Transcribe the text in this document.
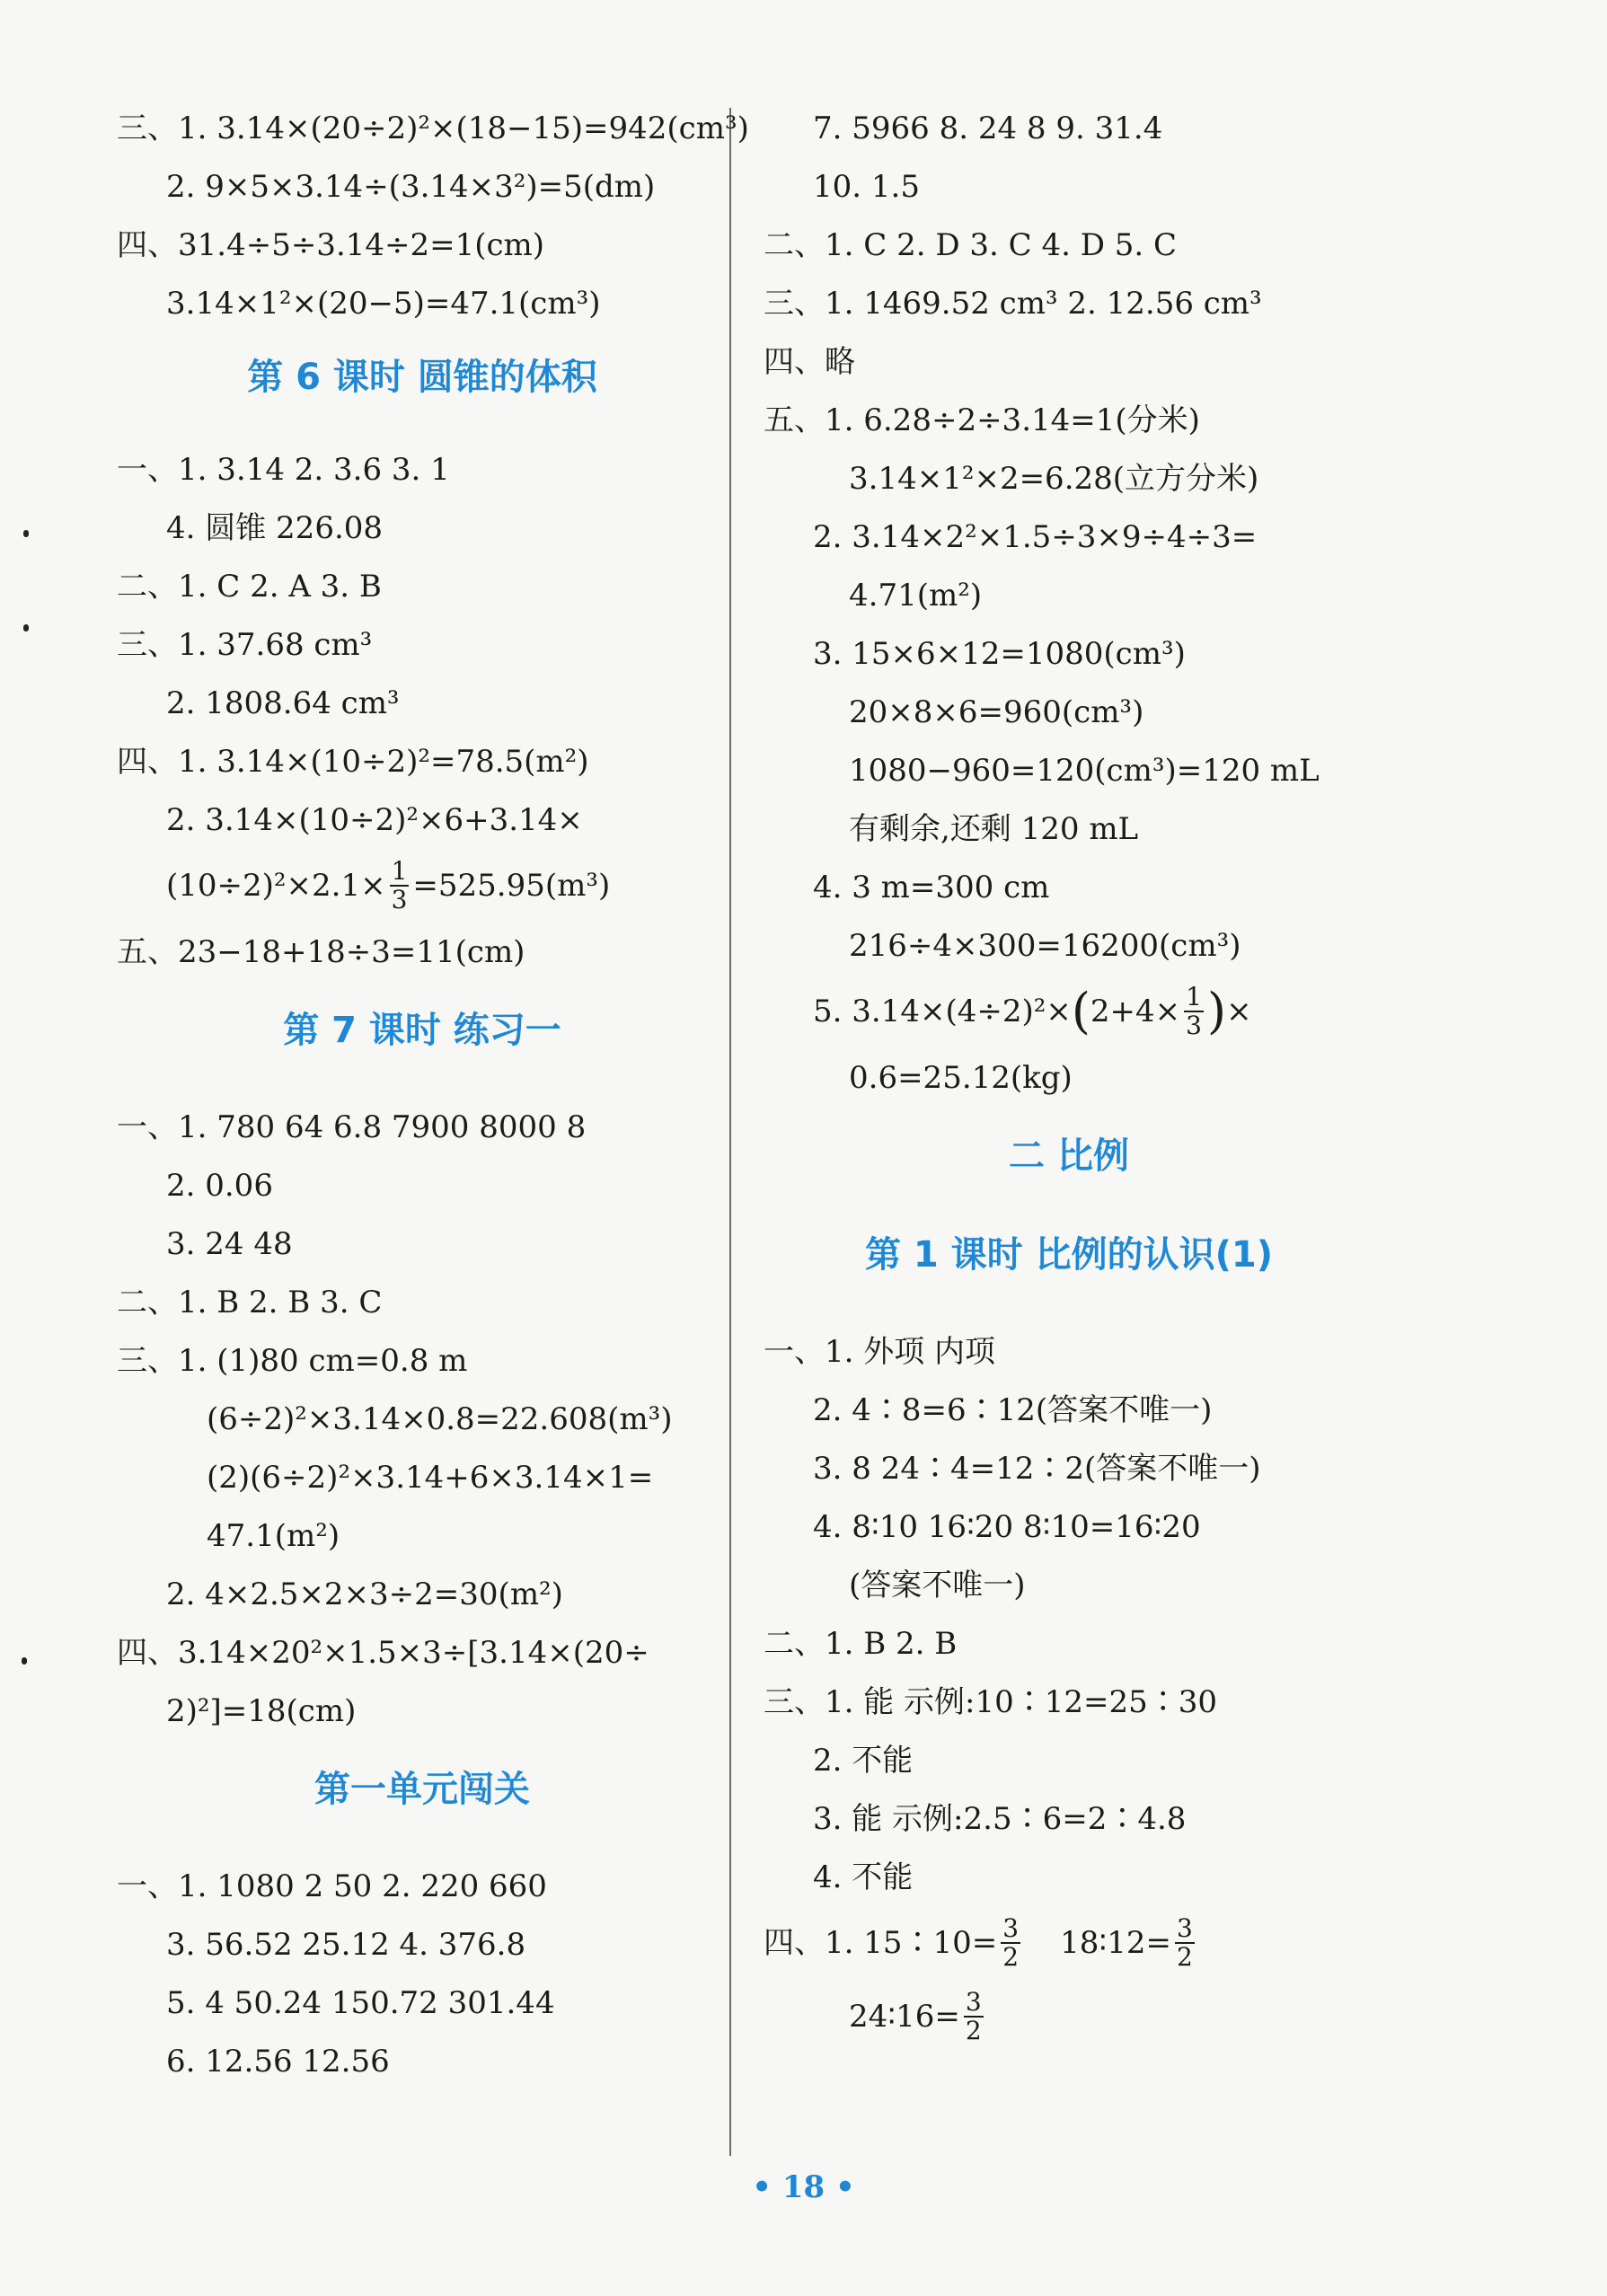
三、1. 3.14×(20÷2)²×(18−15)=942(cm³)
2. 9×5×3.14÷(3.14×3²)=5(dm)
四、31.4÷5÷3.14÷2=1(cm)
3.14×1²×(20−5)=47.1(cm³)
第 6 课时 圆锥的体积
一、1. 3.14 2. 3.6 3. 1
4. 圆锥 226.08
二、1. C 2. A 3. B
三、1. 37.68 cm³
2. 1808.64 cm³
四、1. 3.14×(10÷2)²=78.5(m²)
2. 3.14×(10÷2)²×6+3.14×
$(10\div 2)^2\times 2.1\times \frac{1}{3} =525.95(m^3)$
五、23−18+18÷3=11(cm)
第 7 课时 练习一
一、1. 780 64 6.8 7900 8000 8
2. 0.06
3. 24 48
二、1. B 2. B 3. C
三、1. (1)80 cm=0.8 m
(6÷2)²×3.14×0.8=22.608(m³)
(2)(6÷2)²×3.14+6×3.14×1=
47.1(m²)
2. 4×2.5×2×3÷2=30(m²)
四、3.14×20²×1.5×3÷[3.14×(20÷
2)²]=18(cm)
第一单元闯关
一、1. 1080 2 50 2. 220 660
3. 56.52 25.12 4. 376.8
5. 4 50.24 150.72 301.44
6. 12.56 12.56
7. 5966 8. 24 8 9. 31.4
10. 1.5
二、1. C 2. D 3. C 4. D 5. C
三、1. 1469.52 cm³ 2. 12.56 cm³
四、略
五、1. 6.28÷2÷3.14=1(分米)
3.14×1²×2=6.28(立方分米)
2. 3.14×2²×1.5÷3×9÷4÷3=
4.71(m²)
3. 15×6×12=1080(cm³)
20×8×6=960(cm³)
1080−960=120(cm³)=120 mL
有剩余,还剩 120 mL
4. 3 m=300 cm
216÷4×300=16200(cm³)
5. 3.14×(4÷2)²× ( $2+4\times \frac{1}{3}$ ) ×
0.6=25.12(kg)
二 比例
第 1 课时 比例的认识(1)
一、1. 外项 内项
2. 4∶8=6∶12(答案不唯一)
3. 8 24∶4=12∶2(答案不唯一)
4. 8∶10 16∶20 8∶10=16∶20
(答案不唯一)
二、1. B 2. B
三、1. 能 示例:10∶12=25∶30
2. 不能
3. 能 示例:2.5∶6=2∶4.8
4. 不能
四、1. 15∶10= $\frac{3}{2}$ 18∶12= $\frac{3}{2}$
24∶16= $\frac{3}{2}$
• 18 •
